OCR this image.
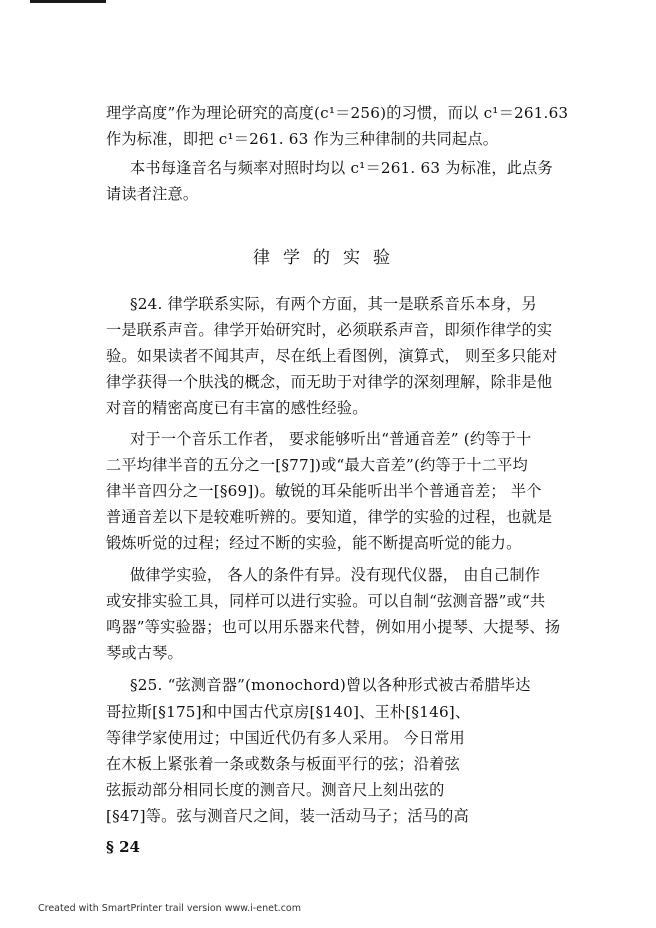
理学高度”作为理论研究的高度(c¹＝256)的习惯，而以 c¹＝261.63
作为标准，即把 c¹＝261. 63 作为三种律制的共同起点。
本书每逢音名与频率对照时均以 c¹＝261. 63 为标准，此点务
请读者注意。
律学的实验
§24. 律学联系实际，有两个方面，其一是联系音乐本身，另
一是联系声音。律学开始研究时，必须联系声音，即须作律学的实
验。如果读者不闻其声，尽在纸上看图例，演算式， 则至多只能对
律学获得一个肤浅的概念，而无助于对律学的深刻理解，除非是他
对音的精密高度已有丰富的感性经验。
对于一个音乐工作者， 要求能够听出“普通音差” (约等于十
二平均律半音的五分之一[§77])或“最大音差”(约等于十二平均
律半音四分之一[§69])。敏锐的耳朵能听出半个普通音差； 半个
普通音差以下是较难听辨的。要知道，律学的实验的过程，也就是
锻炼听觉的过程；经过不断的实验，能不断提高听觉的能力。
做律学实验， 各人的条件有异。没有现代仪器， 由自己制作
或安排实验工具，同样可以进行实验。可以自制“弦测音器”或“共
鸣器”等实验器；也可以用乐器来代替，例如用小提琴、大提琴、扬
琴或古琴。
§25. “弦测音器”(monochord)曾以各种形式被古希腊毕达
哥拉斯[§175]和中国古代京房[§140]、王朴[§146]、
等律学家使用过；中国近代仍有多人采用。 今日常用
在木板上紧张着一条或数条与板面平行的弦；沿着弦
弦振动部分相同长度的测音尺。测音尺上刻出弦的
[§47]等。弦与测音尺之间，装一活动马子；活马的高
§ 24
Created with SmartPrinter trail version www.i-enet.com
